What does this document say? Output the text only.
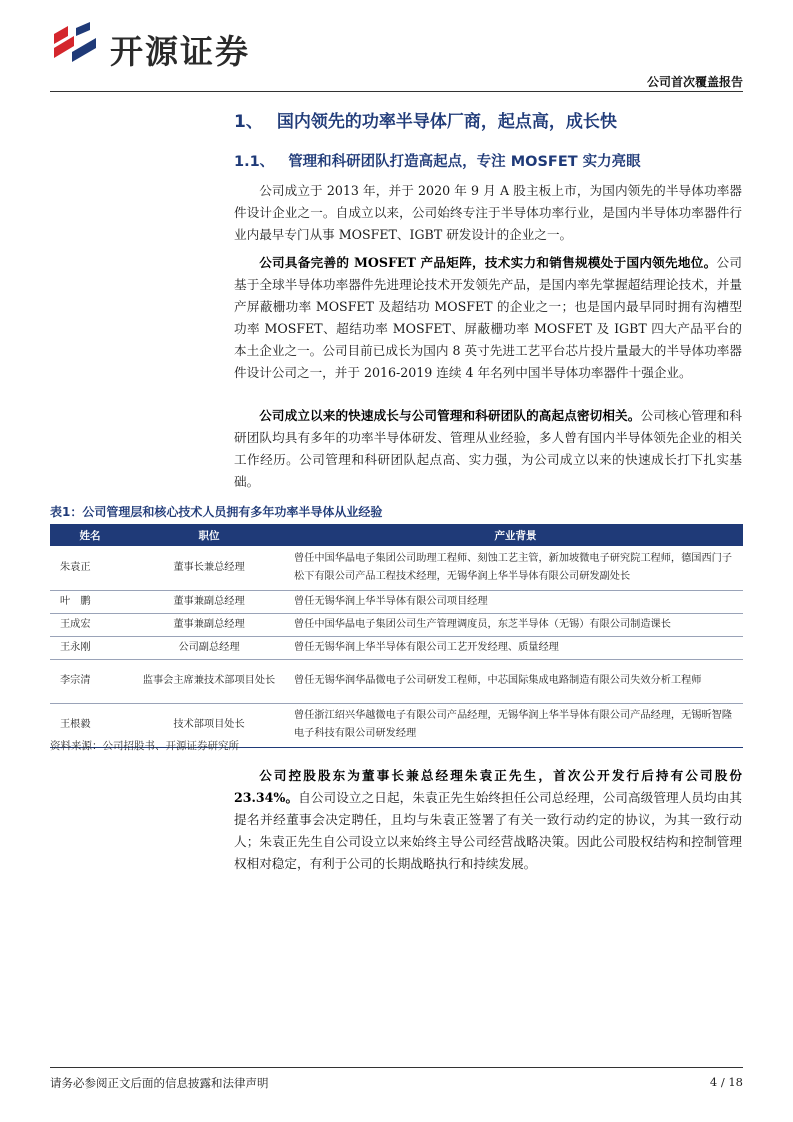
开源证券
公司首次覆盖报告
1、 国内领先的功率半导体厂商，起点高，成长快
1.1、 管理和科研团队打造高起点，专注 MOSFET 实力亮眼
公司成立于 2013 年，并于 2020 年 9 月 A 股主板上市，为国内领先的半导体功率器件设计企业之一。自成立以来，公司始终专注于半导体功率行业，是国内半导体功率器件行业内最早专门从事 MOSFET、IGBT 研发设计的企业之一。
公司具备完善的 MOSFET 产品矩阵，技术实力和销售规模处于国内领先地位。公司基于全球半导体功率器件先进理论技术开发领先产品，是国内率先掌握超结理论技术，并量产屏蔽栅功率 MOSFET 及超结功 MOSFET 的企业之一；也是国内最早同时拥有沟槽型功率 MOSFET、超结功率 MOSFET、屏蔽栅功率 MOSFET 及 IGBT 四大产品平台的本土企业之一。公司目前已成长为国内 8 英寸先进工艺平台芯片投片量最大的半导体功率器件设计公司之一，并于 2016-2019 连续 4 年名列中国半导体功率器件十强企业。
公司成立以来的快速成长与公司管理和科研团队的高起点密切相关。公司核心管理和科研团队均具有多年的功率半导体研发、管理从业经验，多人曾有国内半导体领先企业的相关工作经历。公司管理和科研团队起点高、实力强，为公司成立以来的快速成长打下扎实基础。
表1：公司管理层和核心技术人员拥有多年功率半导体从业经验
姓名	职位	产业背景
朱袁正	董事长兼总经理	曾任中国华晶电子集团公司助理工程师、刻蚀工艺主管，新加坡微电子研究院工程师，德国西门子松下有限公司产品工程技术经理，无锡华润上华半导体有限公司研发副处长
叶　鹏	董事兼副总经理	曾任无锡华润上华半导体有限公司项目经理
王成宏	董事兼副总经理	曾任中国华晶电子集团公司生产管理调度员，东芝半导体（无锡）有限公司制造课长
王永刚	公司副总经理	曾任无锡华润上华半导体有限公司工艺开发经理、质量经理
李宗清	监事会主席兼技术部项目处长	曾任无锡华润华晶微电子公司研发工程师，中芯国际集成电路制造有限公司失效分析工程师
王根毅	技术部项目处长	曾任浙江绍兴华越微电子有限公司产品经理，无锡华润上华半导体有限公司产品经理，无锡昕智隆电子科技有限公司研发经理
资料来源：公司招股书、开源证券研究所
公司控股股东为董事长兼总经理朱袁正先生，首次公开发行后持有公司股份 23.34%。自公司设立之日起，朱袁正先生始终担任公司总经理，公司高级管理人员均由其提名并经董事会决定聘任，且均与朱袁正签署了有关一致行动约定的协议，为其一致行动人；朱袁正先生自公司设立以来始终主导公司经营战略决策。因此公司股权结构和控制管理权相对稳定，有利于公司的长期战略执行和持续发展。
请务必参阅正文后面的信息披露和法律声明	4 / 18
